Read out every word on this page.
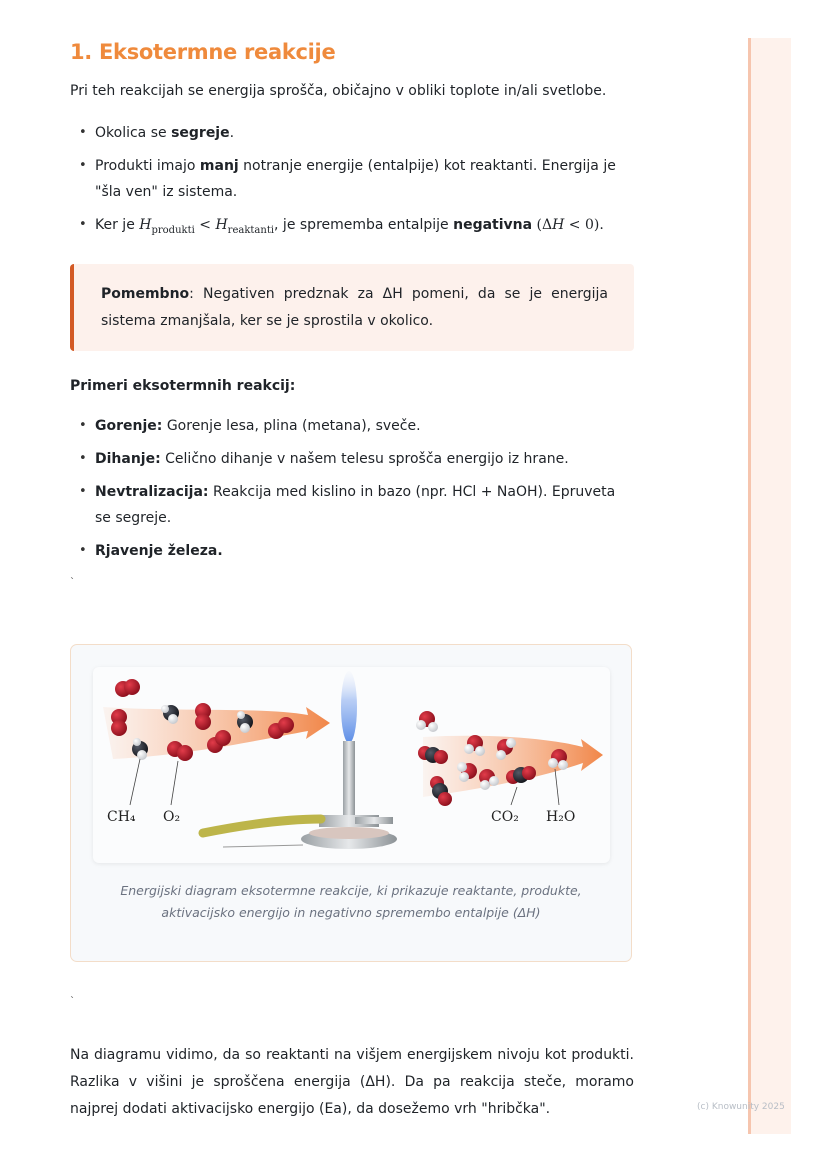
1. Eksotermne reakcije

Pri teh reakcijah se energija sprošča, običajno v obliki toplote in/ali svetlobe.

• Okolica se segreje.
• Produkti imajo manj notranje energije (entalpije) kot reaktanti. Energija je "šla ven" iz sistema.
• Ker je $H_{produkti} < H_{reaktanti}$, je sprememba entalpije negativna (ΔH < 0).
Pomembno: Negativen predznak za ΔH pomeni, da se je energija sistema zmanjšala, ker se je sprostila v okolico.

Primeri eksotermnih reakcij:

• Gorenje: Gorenje lesa, plina (metana), sveče.
• Dihanje: Celično dihanje v našem telesu sprošča energijo iz hrane.
• Nevtralizacija: Reakcija med kislino in bazo (npr. HCl + NaOH). Epruveta se segreje.
• Rjavenje železa.
`
CH₄ O₂	CO₂ H₂O
Energijski diagram eksotermne reakcije, ki prikazuje reaktante, produkte, aktivacijsko energijo in negativno spremembo entalpije (ΔH)
`

Na diagramu vidimo, da so reaktanti na višjem energijskem nivoju kot produkti. Razlika v višini je sproščena energija (ΔH). Da pa reakcija steče, moramo najprej dodati aktivacijsko energijo (Ea), da dosežemo vrh "hribčka".	(c) Knowunity 2025
